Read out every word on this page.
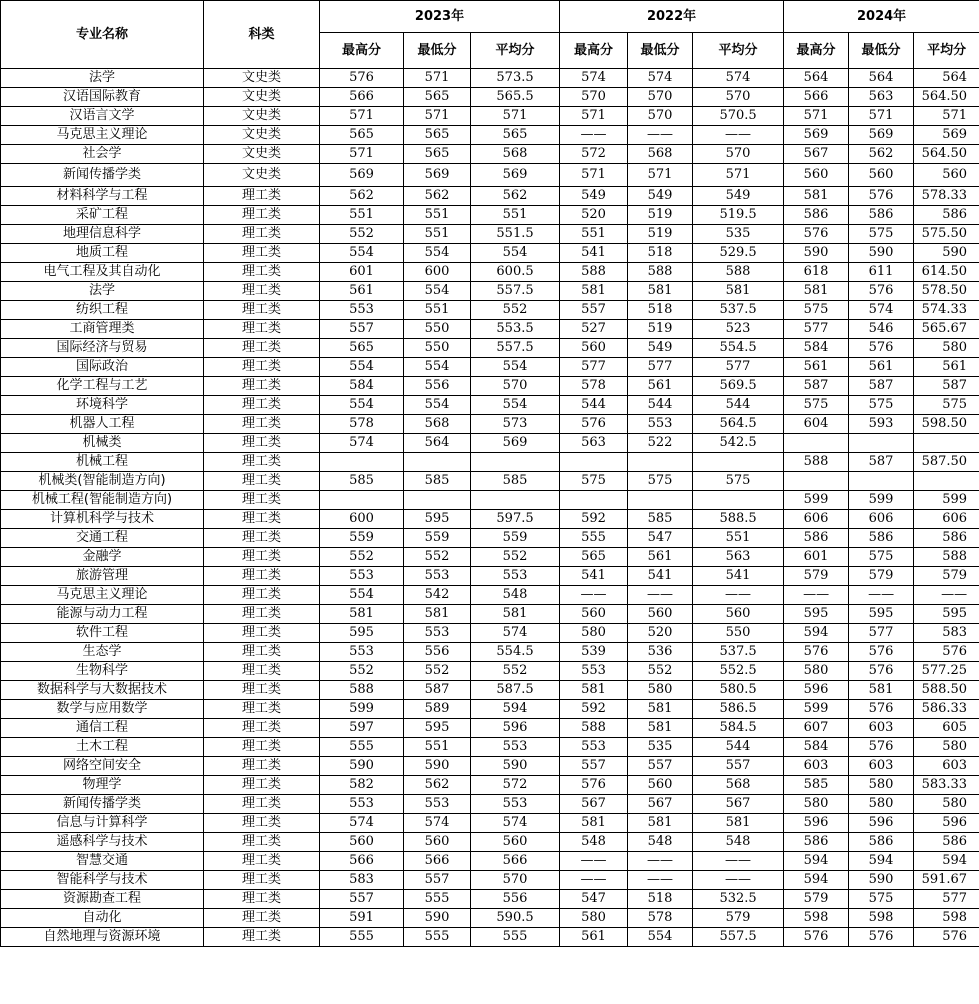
专业名称	科类	2023年			2022年			2024年		
		最高分	最低分	平均分	最高分	最低分	平均分	最高分	最低分	平均分
法学	文史类	576	571	573.5	574	574	574	564	564	564
汉语国际教育	文史类	566	565	565.5	570	570	570	566	563	564.50
汉语言文学	文史类	571	571	571	571	570	570.5	571	571	571
马克思主义理论	文史类	565	565	565	——	——	——	569	569	569
社会学	文史类	571	565	568	572	568	570	567	562	564.50
新闻传播学类	文史类	569	569	569	571	571	571	560	560	560
材料科学与工程	理工类	562	562	562	549	549	549	581	576	578.33
采矿工程	理工类	551	551	551	520	519	519.5	586	586	586
地理信息科学	理工类	552	551	551.5	551	519	535	576	575	575.50
地质工程	理工类	554	554	554	541	518	529.5	590	590	590
电气工程及其自动化	理工类	601	600	600.5	588	588	588	618	611	614.50
法学	理工类	561	554	557.5	581	581	581	581	576	578.50
纺织工程	理工类	553	551	552	557	518	537.5	575	574	574.33
工商管理类	理工类	557	550	553.5	527	519	523	577	546	565.67
国际经济与贸易	理工类	565	550	557.5	560	549	554.5	584	576	580
国际政治	理工类	554	554	554	577	577	577	561	561	561
化学工程与工艺	理工类	584	556	570	578	561	569.5	587	587	587
环境科学	理工类	554	554	554	544	544	544	575	575	575
机器人工程	理工类	578	568	573	576	553	564.5	604	593	598.50
机械类	理工类	574	564	569	563	522	542.5			
机械工程	理工类							588	587	587.50
机械类(智能制造方向)	理工类	585	585	585	575	575	575			
机械工程(智能制造方向)	理工类							599	599	599
计算机科学与技术	理工类	600	595	597.5	592	585	588.5	606	606	606
交通工程	理工类	559	559	559	555	547	551	586	586	586
金融学	理工类	552	552	552	565	561	563	601	575	588
旅游管理	理工类	553	553	553	541	541	541	579	579	579
马克思主义理论	理工类	554	542	548	——	——	——	——	——	——
能源与动力工程	理工类	581	581	581	560	560	560	595	595	595
软件工程	理工类	595	553	574	580	520	550	594	577	583
生态学	理工类	553	556	554.5	539	536	537.5	576	576	576
生物科学	理工类	552	552	552	553	552	552.5	580	576	577.25
数据科学与大数据技术	理工类	588	587	587.5	581	580	580.5	596	581	588.50
数学与应用数学	理工类	599	589	594	592	581	586.5	599	576	586.33
通信工程	理工类	597	595	596	588	581	584.5	607	603	605
土木工程	理工类	555	551	553	553	535	544	584	576	580
网络空间安全	理工类	590	590	590	557	557	557	603	603	603
物理学	理工类	582	562	572	576	560	568	585	580	583.33
新闻传播学类	理工类	553	553	553	567	567	567	580	580	580
信息与计算科学	理工类	574	574	574	581	581	581	596	596	596
遥感科学与技术	理工类	560	560	560	548	548	548	586	586	586
智慧交通	理工类	566	566	566	——	——	——	594	594	594
智能科学与技术	理工类	583	557	570	——	——	——	594	590	591.67
资源勘查工程	理工类	557	555	556	547	518	532.5	579	575	577
自动化	理工类	591	590	590.5	580	578	579	598	598	598
自然地理与资源环境	理工类	555	555	555	561	554	557.5	576	576	576
